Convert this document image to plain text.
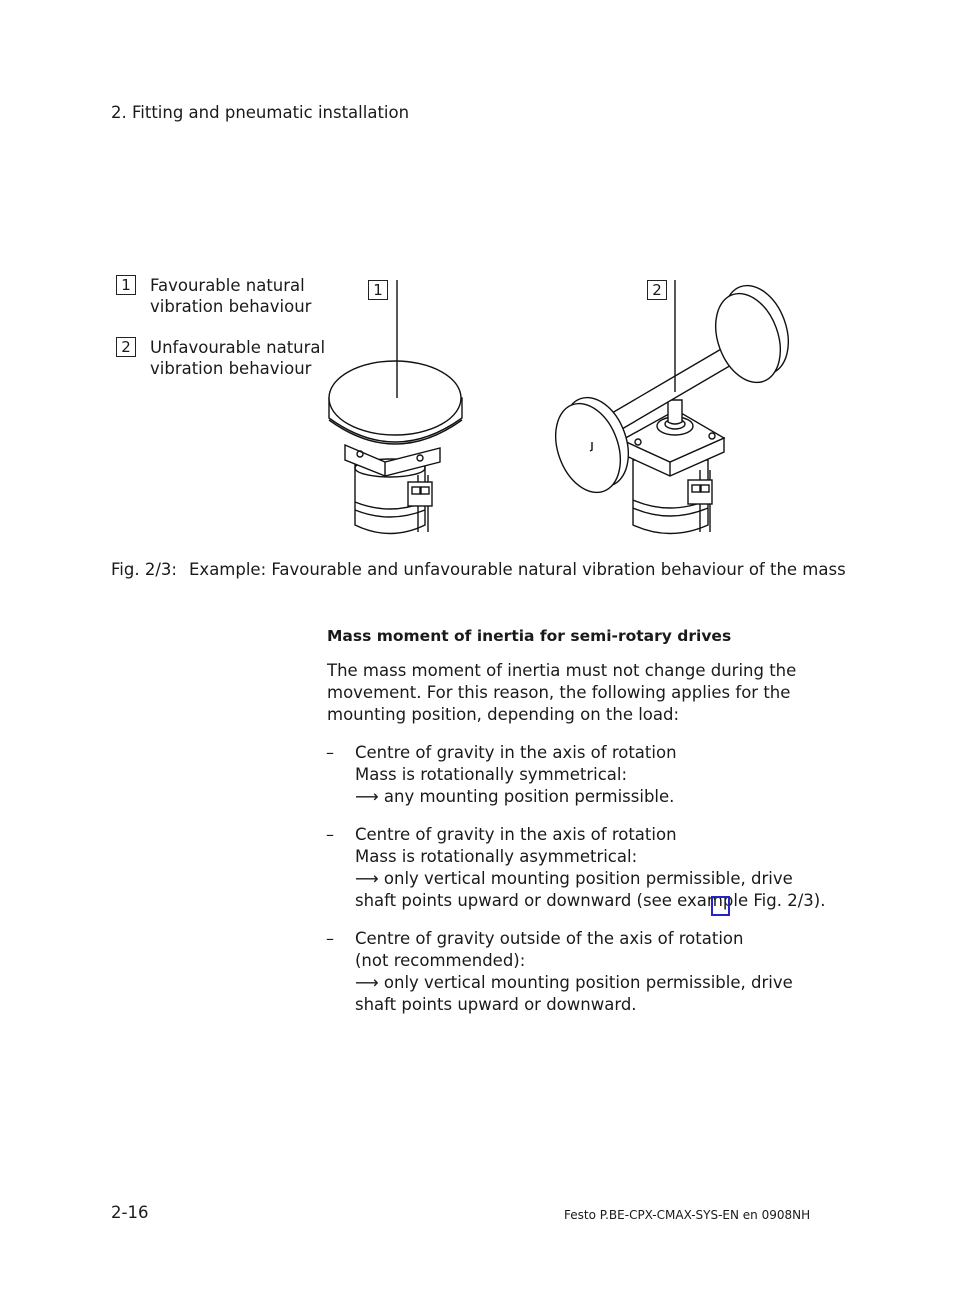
2. Fitting and pneumatic installation
1	Favourable natural
vibration behaviour
2	Unfavourable natural
vibration behaviour
1	2
Fig. 2/3: Example: Favourable and unfavourable natural vibration behaviour of the mass
Mass moment of inertia for semi-rotary drives
The mass moment of inertia must not change during the
movement. For this reason, the following applies for the
mounting position, depending on the load:
– Centre of gravity in the axis of rotation
Mass is rotationally symmetrical:
⟶ any mounting position permissible.
– Centre of gravity in the axis of rotation
Mass is rotationally asymmetrical:
⟶ only vertical mounting position permissible, drive
shaft points upward or downward (see example Fig. 2/3).
– Centre of gravity outside of the axis of rotation
(not recommended):
⟶ only vertical mounting position permissible, drive
shaft points upward or downward.
2-16	Festo P.BE-CPX-CMAX-SYS-EN en 0908NH
